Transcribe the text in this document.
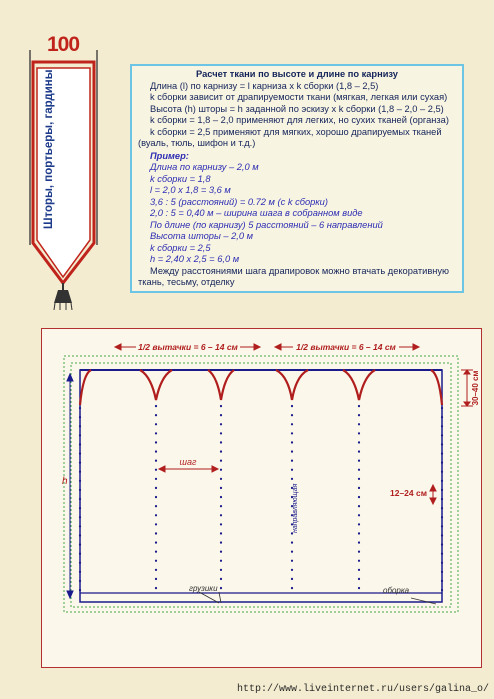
100
Шторы, портьеры, гардины	Расчет ткани по высоте и длине по карнизу

Длина (l) по карнизу = l карниза x k сборки (1,8 – 2,5)

k сборки зависит от драпируемости ткани (мягкая, легкая или сухая)

Высота (h) шторы = h заданной по эскизу x k сборки (1,8 – 2,0 – 2,5)

k сборки = 1,8 – 2,0 применяют для легких, но сухих тканей (органза)

k сборки = 2,5 применяют для мягких, хорошо драпируемых тканей

(вуаль, тюль, шифон и т.д.)

Пример:

Длина по карнизу – 2,0 м

k сборки = 1,8

l = 2,0 x 1,8 = 3,6 м

3,6 : 5 (расстояний) = 0.72 м (с k сборки)

2,0 : 5 = 0,40 м – ширина шага в собранном виде

По длине (по карнизу) 5 расстояний – 6 направлений

Высота шторы – 2,0 м

k сборки = 2,5

h = 2,40 x 2,5 = 6,0 м

Между расстояниями шага драпировок можно втачать декоративную

ткань, тесьму, отделку

1/2 вытачки = 6 – 14 см	1/2 вытачки = 6 – 14 см
30–40 см
шаг
h
направляющая	12–24 см
грузики	оборка
http://www.liveinternet.ru/users/galina_o/
